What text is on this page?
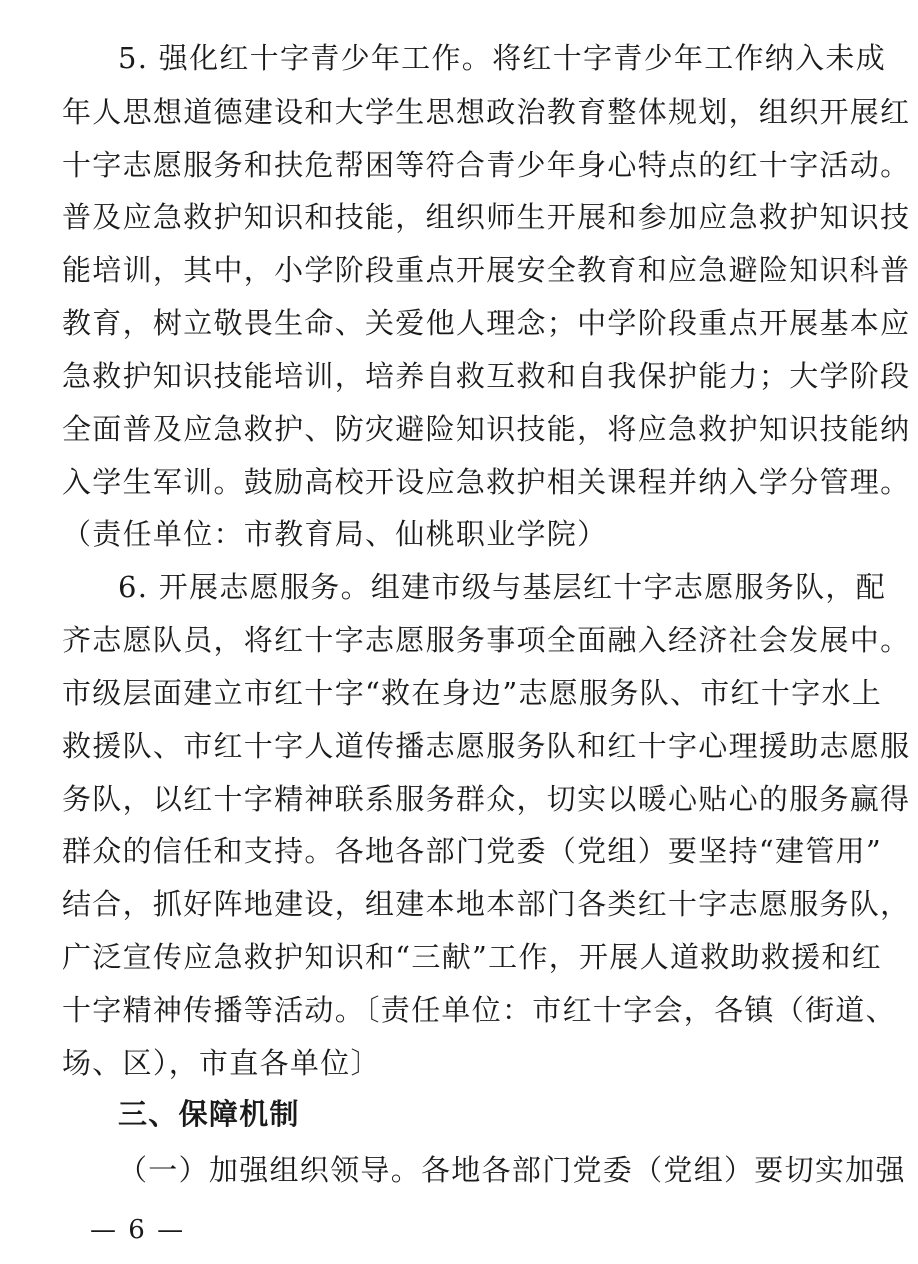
5. 强化红十字青少年工作。将红十字青少年工作纳入未成
年人思想道德建设和大学生思想政治教育整体规划，组织开展红
十字志愿服务和扶危帮困等符合青少年身心特点的红十字活动。
普及应急救护知识和技能，组织师生开展和参加应急救护知识技
能培训，其中，小学阶段重点开展安全教育和应急避险知识科普
教育，树立敬畏生命、关爱他人理念；中学阶段重点开展基本应
急救护知识技能培训，培养自救互救和自我保护能力；大学阶段
全面普及应急救护、防灾避险知识技能，将应急救护知识技能纳
入学生军训。鼓励高校开设应急救护相关课程并纳入学分管理。
（责任单位：市教育局、仙桃职业学院）
6. 开展志愿服务。组建市级与基层红十字志愿服务队，配
齐志愿队员，将红十字志愿服务事项全面融入经济社会发展中。
市级层面建立市红十字“救在身边”志愿服务队、市红十字水上
救援队、市红十字人道传播志愿服务队和红十字心理援助志愿服
务队，以红十字精神联系服务群众，切实以暖心贴心的服务赢得
群众的信任和支持。各地各部门党委（党组）要坚持“建管用”
结合，抓好阵地建设，组建本地本部门各类红十字志愿服务队，
广泛宣传应急救护知识和“三献”工作，开展人道救助救援和红
十字精神传播等活动。〔责任单位：市红十字会，各镇（街道、
场、区），市直各单位〕
三、保障机制
（一）加强组织领导。各地各部门党委（党组）要切实加强
— 6 —
